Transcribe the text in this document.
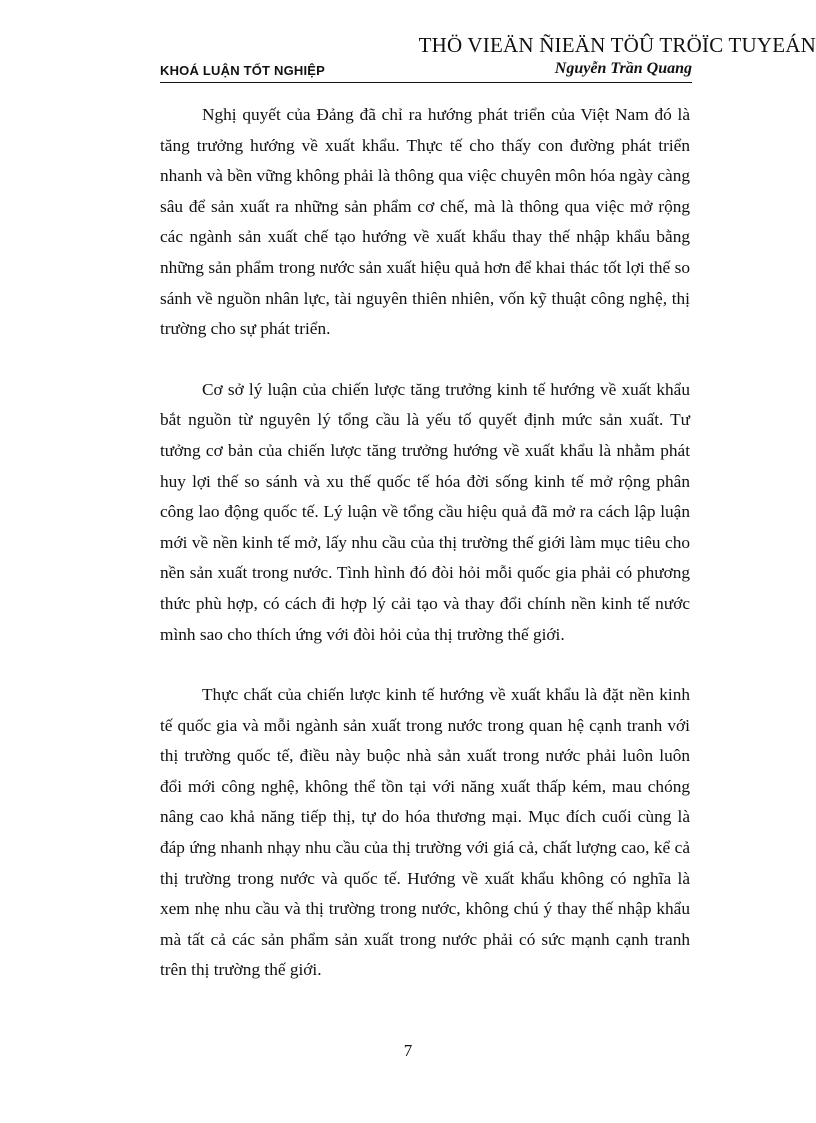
THÖ VIEÄN ÑIEÄN TÖÛ TRÖÏC TUYEÁN
KHOÁ LUẬN TỐT NGHIỆP	Nguyễn Trần Quang

Nghị quyết của Đảng đã chỉ ra hướng phát triển của Việt Nam đó là tăng trưởng hướng về xuất khẩu. Thực tế cho thấy con đường phát triển nhanh và bền vững không phải là thông qua việc chuyên môn hóa ngày càng sâu để sản xuất ra những sản phẩm cơ chế, mà là thông qua việc mở rộng các ngành sản xuất chế tạo hướng về xuất khẩu thay thế nhập khẩu bằng những sản phẩm trong nước sản xuất hiệu quả hơn để khai thác tốt lợi thế so sánh về nguồn nhân lực, tài nguyên thiên nhiên, vốn kỹ thuật công nghệ, thị trường cho sự phát triển.

Cơ sở lý luận của chiến lược tăng trưởng kinh tế hướng về xuất khẩu bắt nguồn từ nguyên lý tổng cầu là yếu tố quyết định mức sản xuất. Tư tưởng cơ bản của chiến lược tăng trưởng hướng về xuất khẩu là nhằm phát huy lợi thế so sánh và xu thế quốc tế hóa đời sống kinh tế mở rộng phân công lao động quốc tế. Lý luận về tổng cầu hiệu quả đã mở ra cách lập luận mới về nền kinh tế mở, lấy nhu cầu của thị trường thế giới làm mục tiêu cho nền sản xuất trong nước. Tình hình đó đòi hỏi mỗi quốc gia phải có phương thức phù hợp, có cách đi hợp lý cải tạo và thay đổi chính nền kinh tế nước mình sao cho thích ứng với đòi hỏi của thị trường thế giới.

Thực chất của chiến lược kinh tế hướng về xuất khẩu là đặt nền kinh tế quốc gia và mỗi ngành sản xuất trong nước trong quan hệ cạnh tranh với thị trường quốc tế, điều này buộc nhà sản xuất trong nước phải luôn luôn đổi mới công nghệ, không thể tồn tại với năng xuất thấp kém, mau chóng nâng cao khả năng tiếp thị, tự do hóa thương mại. Mục đích cuối cùng là đáp ứng nhanh nhạy nhu cầu của thị trường với giá cả, chất lượng cao, kể cả thị trường trong nước và quốc tế. Hướng về xuất khẩu không có nghĩa là xem nhẹ nhu cầu và thị trường trong nước, không chú ý thay thế nhập khẩu mà tất cả các sản phẩm sản xuất trong nước phải có sức mạnh cạnh tranh trên thị trường thế giới.

7
